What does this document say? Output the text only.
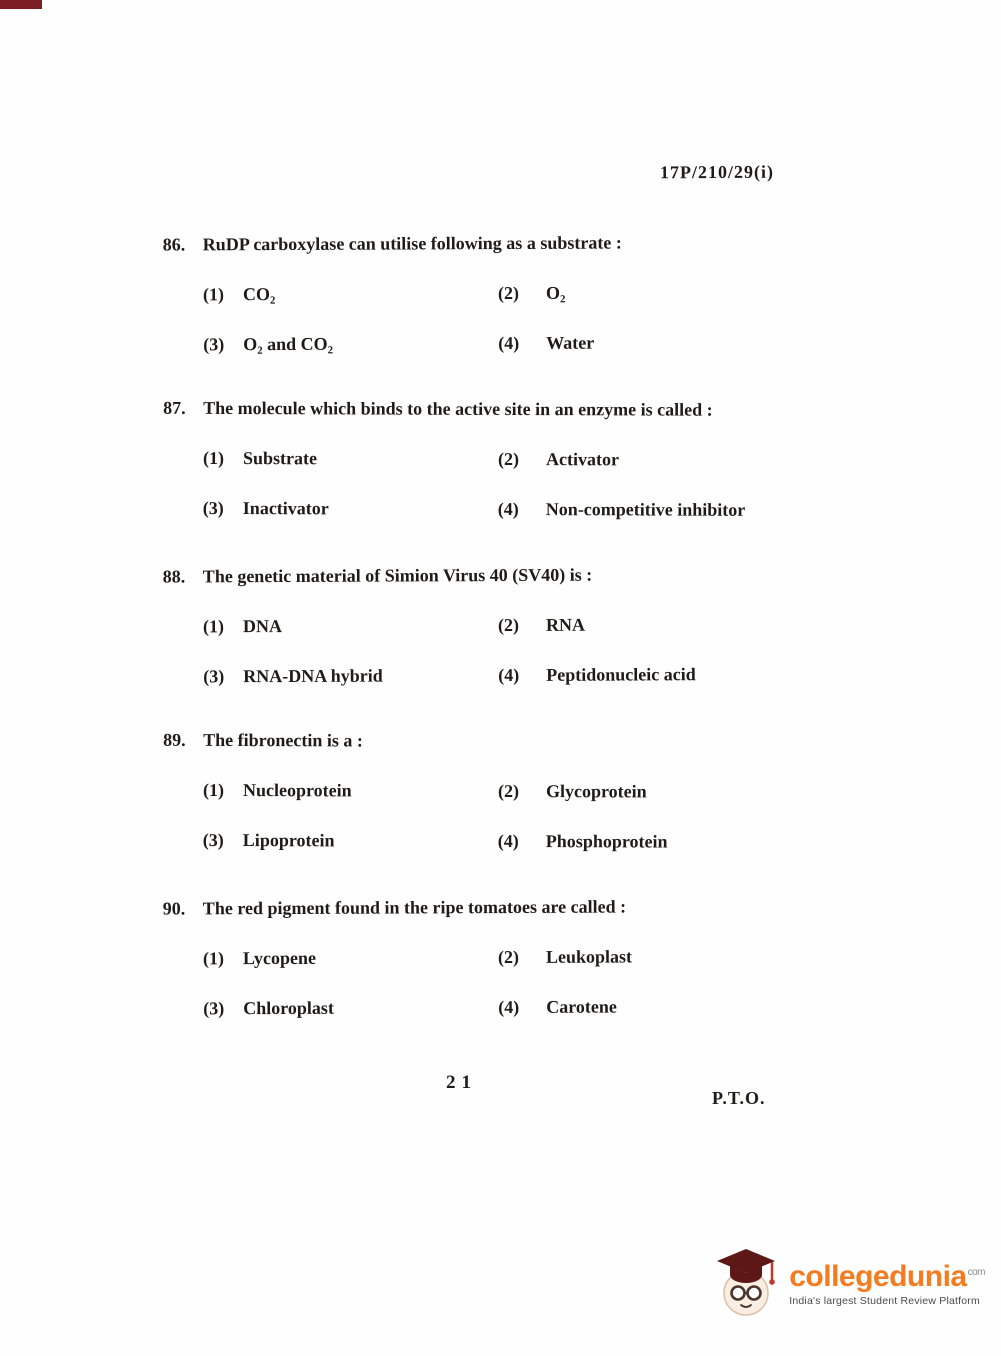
17P/210/29(i)
86. RuDP carboxylase can utilise following as a substrate :
(1)	CO₂	(2)	O₂
(3)	O₂ and CO₂	(4)	Water
87. The molecule which binds to the active site in an enzyme is called :
(1)	Substrate	(2)	Activator
(3)	Inactivator	(4)	Non-competitive inhibitor
88. The genetic material of Simion Virus 40 (SV40) is :
(1)	DNA	(2)	RNA
(3)	RNA-DNA hybrid	(4)	Peptidonucleic acid
89. The fibronectin is a :
(1)	Nucleoprotein	(2)	Glycoprotein
(3)	Lipoprotein	(4)	Phosphoprotein
90. The red pigment found in the ripe tomatoes are called :
(1)	Lycopene	(2)	Leukoplast
(3)	Chloroplast	(4)	Carotene
21
P.T.O.
collegedunia$^{com}$
India's largest Student Review Platform
